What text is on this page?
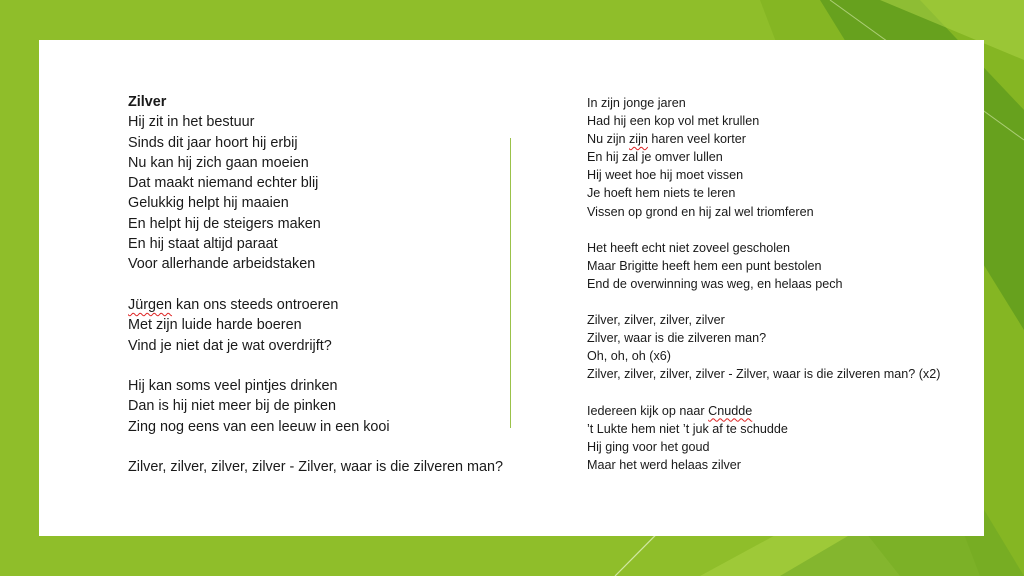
Zilver
Hij zit in het bestuur
Sinds dit jaar hoort hij erbij
Nu kan hij zich gaan moeien
Dat maakt niemand echter blij
Gelukkig helpt hij maaien
En helpt hij de steigers maken
En hij staat altijd paraat
Voor allerhande arbeidstaken
Jürgen kan ons steeds ontroeren
Met zijn luide harde boeren
Vind je niet dat je wat overdrijft?
Hij kan soms veel pintjes drinken
Dan is hij niet meer bij de pinken
Zing nog eens van een leeuw in een kooi
Zilver, zilver, zilver, zilver - Zilver, waar is die zilveren man?
In zijn jonge jaren
Had hij een kop vol met krullen
Nu zijn zijn haren veel korter
En hij zal je omver lullen
Hij weet hoe hij moet vissen
Je hoeft hem niets te leren
Vissen op grond en hij zal wel triomferen
Het heeft echt niet zoveel gescholen
Maar Brigitte heeft hem een punt bestolen
End de overwinning was weg, en helaas pech
Zilver, zilver, zilver, zilver
Zilver, waar is die zilveren man?
Oh, oh, oh (x6)
Zilver, zilver, zilver, zilver - Zilver, waar is die zilveren man? (x2)
Iedereen kijk op naar Cnudde
’t Lukte hem niet ’t juk af te schudde
Hij ging voor het goud
Maar het werd helaas zilver
